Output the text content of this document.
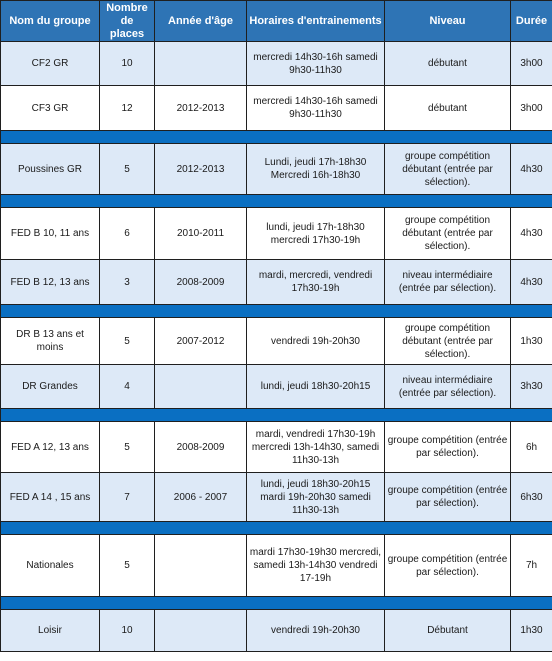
Nom du groupe	Nombre de places	Année d'âge	Horaires d'entrainements	Niveau	Durée
CF2 GR	10		mercredi 14h30-16h samedi 9h30-11h30	débutant	3h00
CF3 GR	12	2012-2013	mercredi 14h30-16h samedi 9h30-11h30	débutant	3h00

Poussines GR	5	2012-2013	Lundi, jeudi 17h-18h30 Mercredi 16h-18h30	groupe compétition débutant (entrée par sélection).	4h30

FED B 10, 11 ans	6	2010-2011	lundi, jeudi 17h-18h30 mercredi 17h30-19h	groupe compétition débutant (entrée par sélection).	4h30
FED B 12, 13 ans	3	2008-2009	mardi, mercredi, vendredi 17h30-19h	niveau intermédiaire (entrée par sélection).	4h30

DR B 13 ans et moins	5	2007-2012	vendredi 19h-20h30	groupe compétition débutant (entrée par sélection).	1h30
DR Grandes	4		lundi, jeudi 18h30-20h15	niveau intermédiaire (entrée par sélection).	3h30

FED A 12, 13 ans	5	2008-2009	mardi, vendredi 17h30-19h mercredi 13h-14h30, samedi 11h30-13h	groupe compétition (entrée par sélection).	6h
FED A 14 , 15 ans	7	2006 - 2007	lundi, jeudi 18h30-20h15 mardi 19h-20h30 samedi 11h30-13h	groupe compétition (entrée par sélection).	6h30

Nationales	5		mardi 17h30-19h30 mercredi, samedi 13h-14h30 vendredi 17-19h	groupe compétition (entrée par sélection).	7h

Loisir	10		vendredi 19h-20h30	Débutant	1h30
